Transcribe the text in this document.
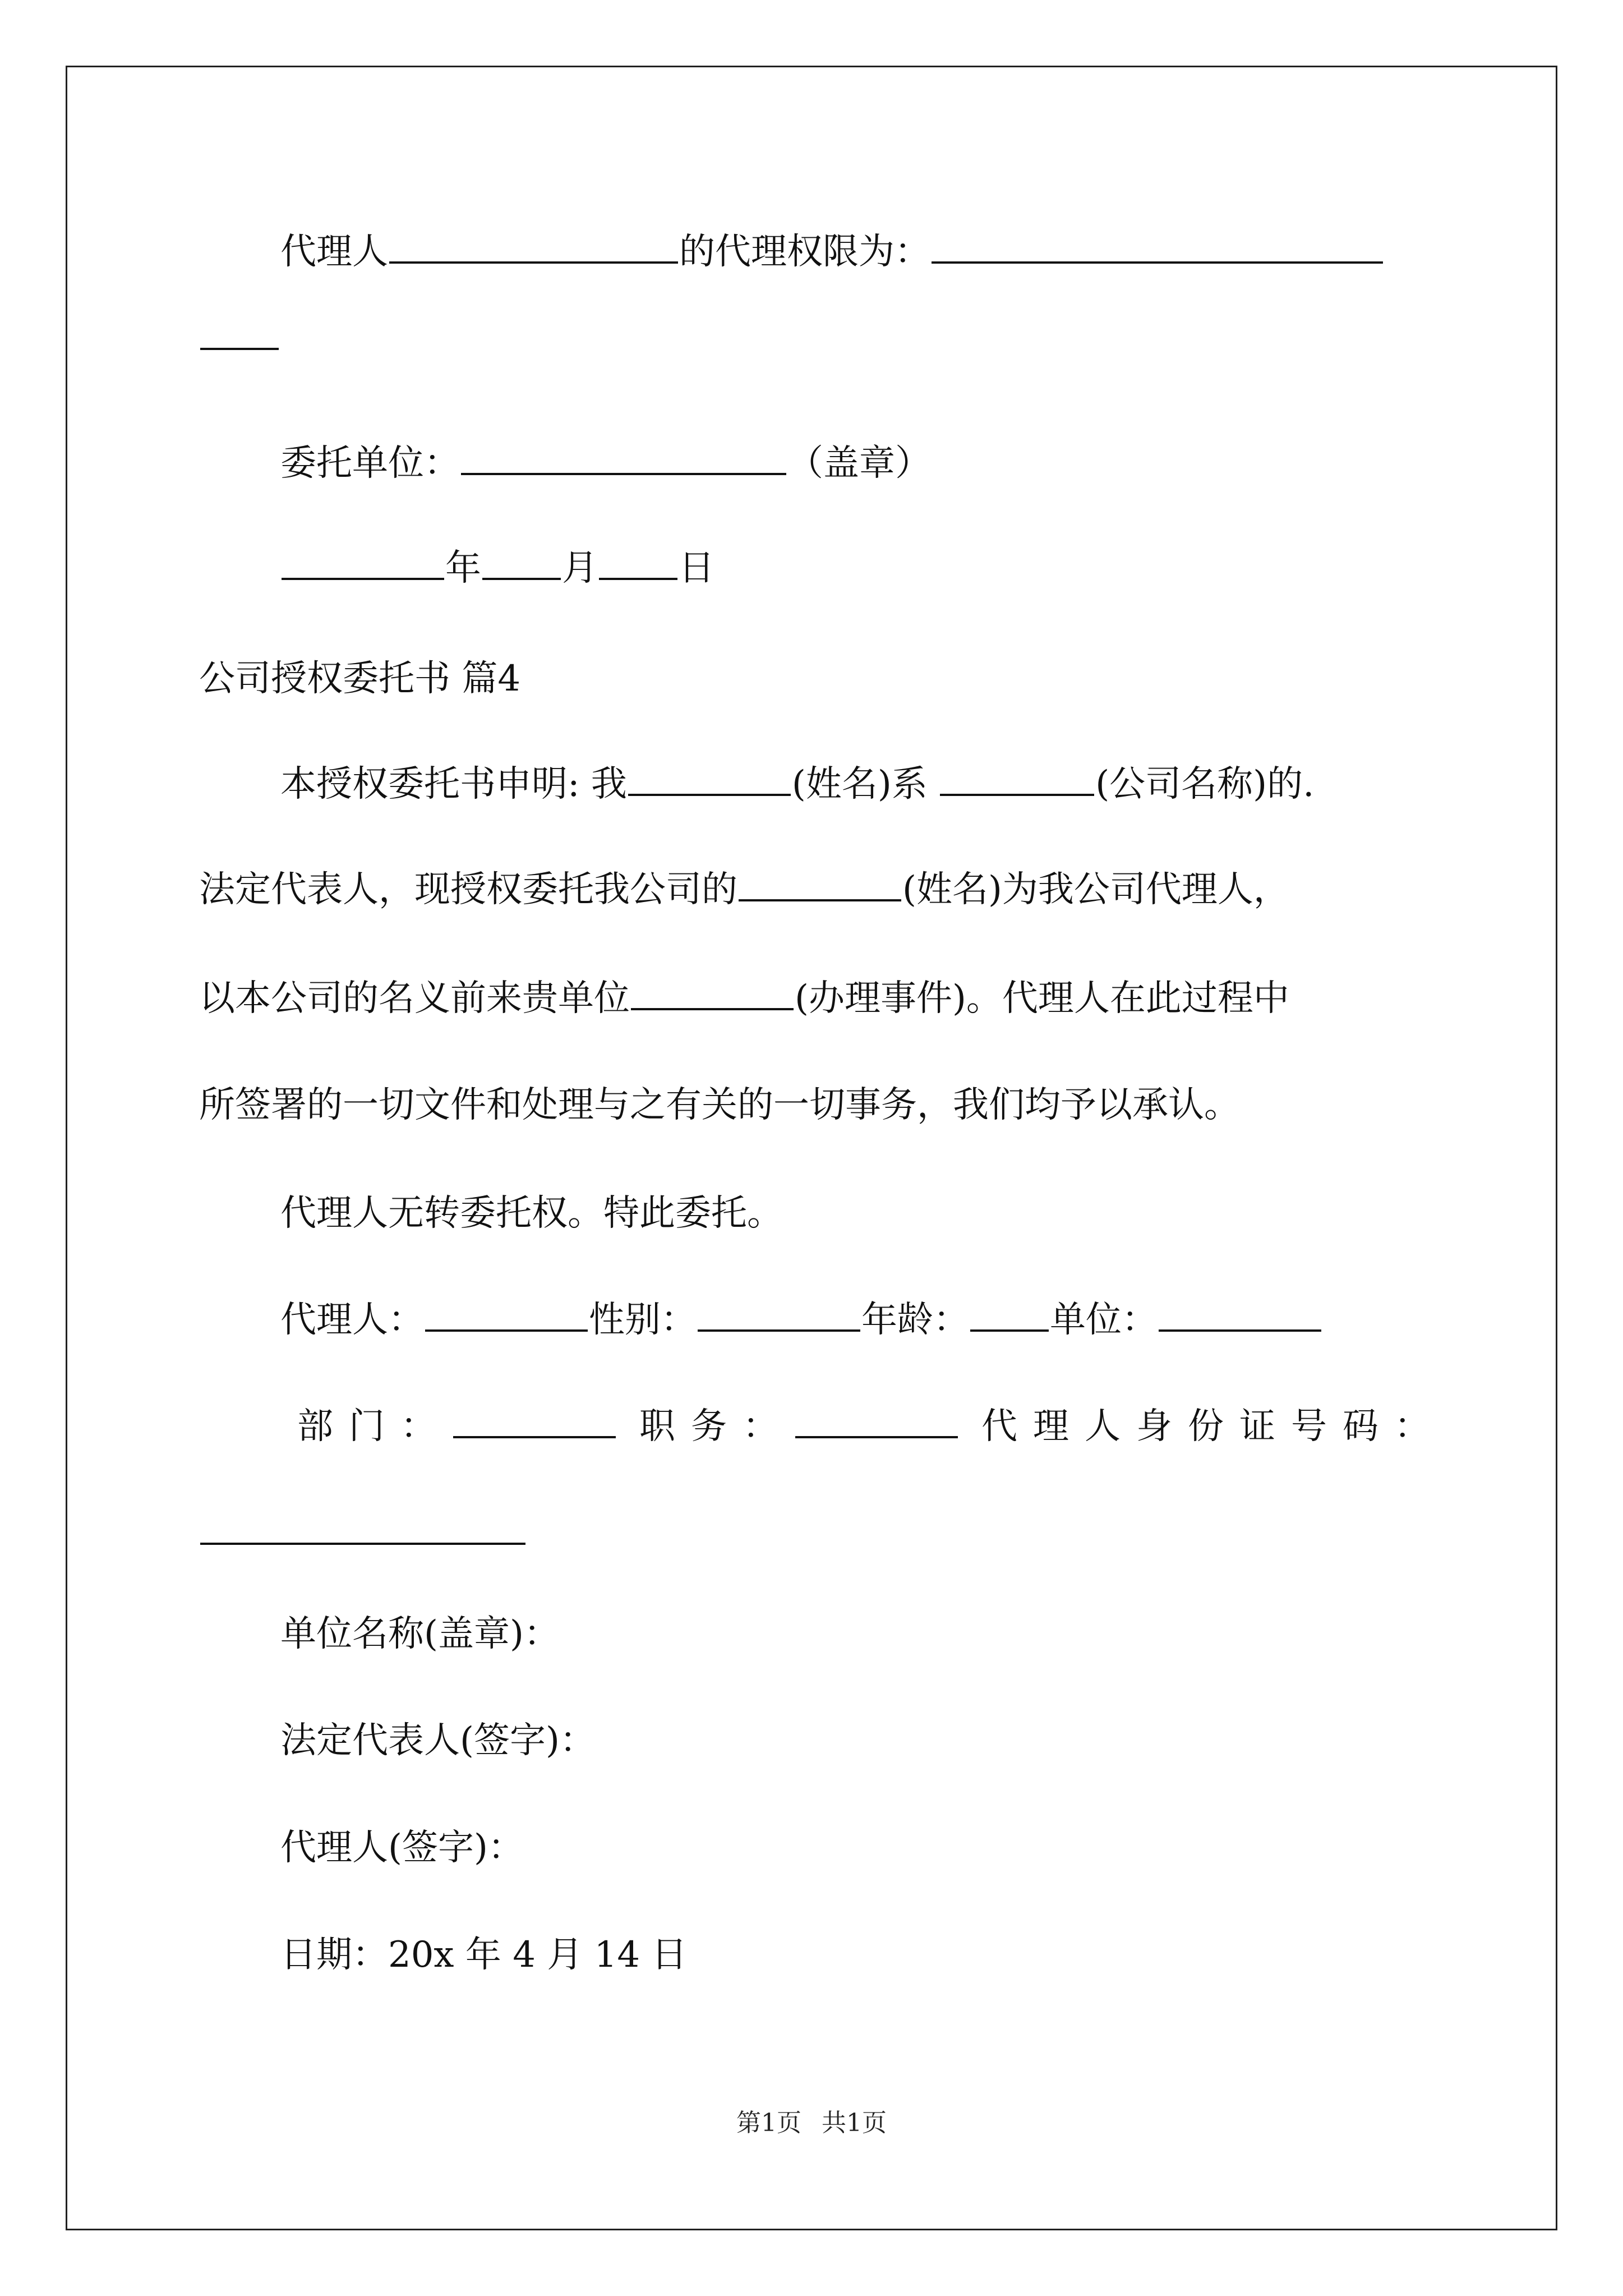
代理人	的代理权限为：
委托单位：	（盖章）
年 月 日
公司授权委托书 篇4
本授权委托书申明: 我	(姓名)系	(公司名称)的.
法定代表人，现授权委托我公司的	(姓名)为我公司代理人，
以本公司的名义前来贵单位	(办理事件)。代理人在此过程中
所签署的一切文件和处理与之有关的一切事务，我们均予以承认。
代理人无转委托权。特此委托。
代理人：	性别：	年龄： 单位：
部门：	职务：	代理人身份证号码：
单位名称(盖章)：
法定代表人(签字)：
代理人(签字)：
日期：20x 年 4 月 14 日
第1页 共1页
